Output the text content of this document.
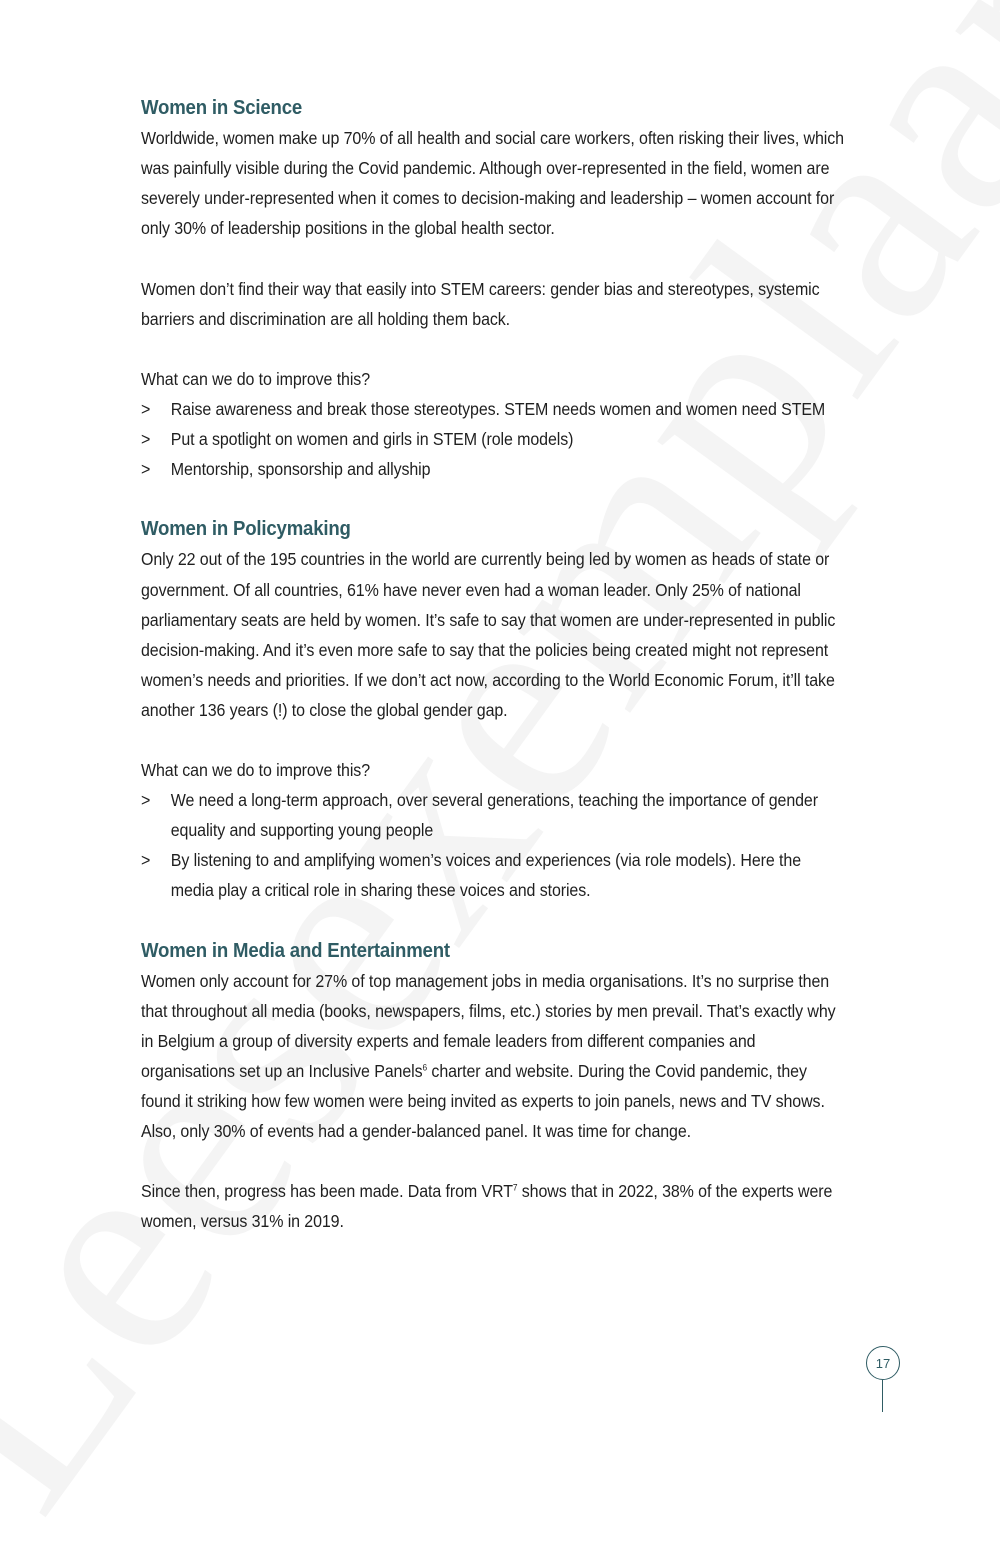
Women in Science

Worldwide, women make up 70% of all health and social care workers, often risking their lives, which was painfully visible during the Covid pandemic. Although over-represented in the field, women are severely under-represented when it comes to decision-making and leadership – women account for only 30% of leadership positions in the global health sector.

Women don’t find their way that easily into STEM careers: gender bias and stereotypes, systemic barriers and discrimination are all holding them back.

What can we do to improve this?

> Raise awareness and break those stereotypes. STEM needs women and women need STEM
> Put a spotlight on women and girls in STEM (role models)
> Mentorship, sponsorship and allyship
Women in Policymaking

Only 22 out of the 195 countries in the world are currently being led by women as heads of state or government. Of all countries, 61% have never even had a woman leader. Only 25% of national parliamentary seats are held by women. It’s safe to say that women are under-represented in public decision-making. And it’s even more safe to say that the policies being created might not represent women’s needs and priorities. If we don’t act now, according to the World Economic Forum, it’ll take another 136 years (!) to close the global gender gap.

What can we do to improve this?

> We need a long-term approach, over several generations, teaching the importance of gender equality and supporting young people
> By listening to and amplifying women’s voices and experiences (via role models). Here the media play a critical role in sharing these voices and stories.
Women in Media and Entertainment

Women only account for 27% of top management jobs in media organisations. It’s no surprise then that throughout all media (books, newspapers, films, etc.) stories by men prevail. That’s exactly why in Belgium a group of diversity experts and female leaders from different companies and organisations set up an Inclusive Panels$^6$ charter and website. During the Covid pandemic, they found it striking how few women were being invited as experts to join panels, news and TV shows. Also, only 30% of events had a gender-balanced panel. It was time for change.

Since then, progress has been made. Data from VRT$^7$ shows that in 2022, 38% of the experts were women, versus 31% in 2019.

17
